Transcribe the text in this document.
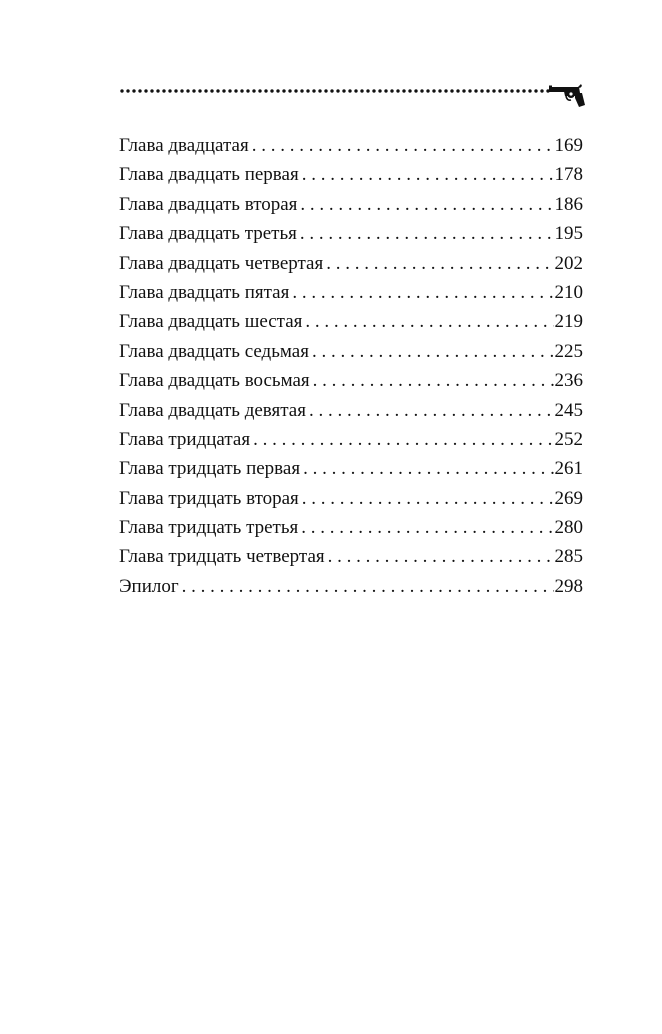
Глава двадцатая . . .	169
Глава двадцать первая . . .	178
Глава двадцать вторая . . .	186
Глава двадцать третья . . .	195
Глава двадцать четвертая . . .	202
Глава двадцать пятая . . .	210
Глава двадцать шестая . . .	219
Глава двадцать седьмая . . .	225
Глава двадцать восьмая . . .	236
Глава двадцать девятая . . .	245
Глава тридцатая . . .	252
Глава тридцать первая . . .	261
Глава тридцать вторая . . .	269
Глава тридцать третья . . .	280
Глава тридцать четвертая . . .	285
Эпилог . . .	298
